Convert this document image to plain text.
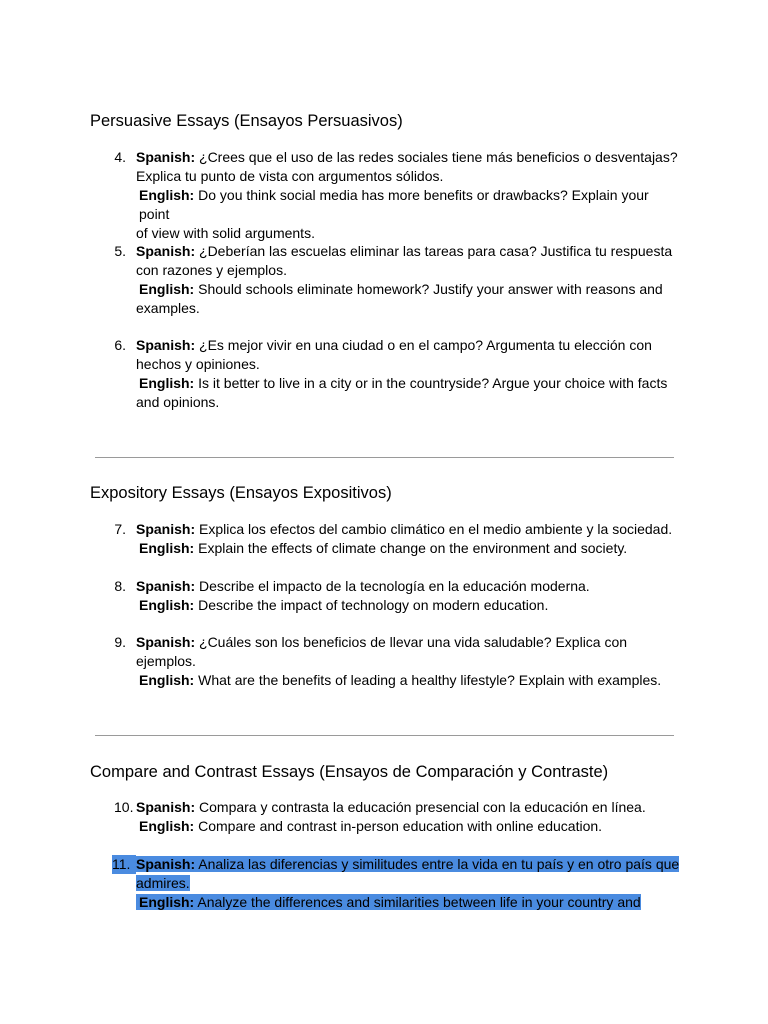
Persuasive Essays (Ensayos Persuasivos)
4. Spanish: ¿Crees que el uso de las redes sociales tiene más beneficios o desventajas?
Explica tu punto de vista con argumentos sólidos.
English: Do you think social media has more benefits or drawbacks? Explain your point
of view with solid arguments.
5. Spanish: ¿Deberían las escuelas eliminar las tareas para casa? Justifica tu respuesta
con razones y ejemplos.
English: Should schools eliminate homework? Justify your answer with reasons and
examples.
6. Spanish: ¿Es mejor vivir en una ciudad o en el campo? Argumenta tu elección con
hechos y opiniones.
English: Is it better to live in a city or in the countryside? Argue your choice with facts
and opinions.
Expository Essays (Ensayos Expositivos)
7. Spanish: Explica los efectos del cambio climático en el medio ambiente y la sociedad.
English: Explain the effects of climate change on the environment and society.
8. Spanish: Describe el impacto de la tecnología en la educación moderna.
English: Describe the impact of technology on modern education.
9. Spanish: ¿Cuáles son los beneficios de llevar una vida saludable? Explica con
ejemplos.
English: What are the benefits of leading a healthy lifestyle? Explain with examples.
Compare and Contrast Essays (Ensayos de Comparación y Contraste)
10. Spanish: Compara y contrasta la educación presencial con la educación en línea.
English: Compare and contrast in-person education with online education.
11. Spanish: Analiza las diferencias y similitudes entre la vida en tu país y en otro país que
admires.
English: Analyze the differences and similarities between life in your country and
